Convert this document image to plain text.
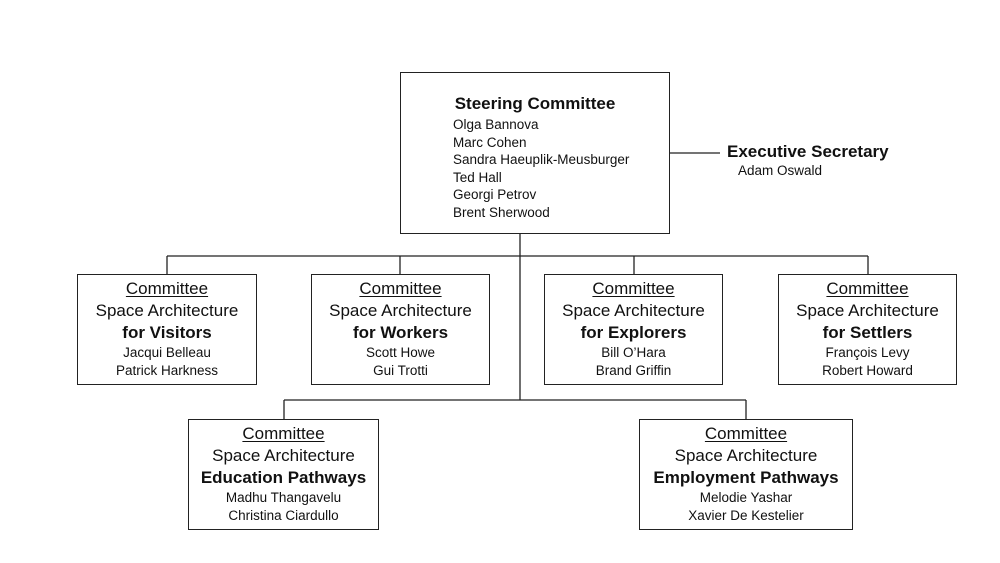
Steering Committee
Olga Bannova
Marc Cohen
Sandra Haeuplik-Meusburger
Ted Hall
Georgi Petrov
Brent Sherwood
Executive Secretary
Adam Oswald
Committee
Space Architecture
for Visitors
Jacqui Belleau
Patrick Harkness
Committee
Space Architecture
for Workers
Scott Howe
Gui Trotti
Committee
Space Architecture
for Explorers
Bill O’Hara
Brand Griffin
Committee
Space Architecture
for Settlers
François Levy
Robert Howard
Committee
Space Architecture
Education Pathways
Madhu Thangavelu
Christina Ciardullo
Committee
Space Architecture
Employment Pathways
Melodie Yashar
Xavier De Kestelier
